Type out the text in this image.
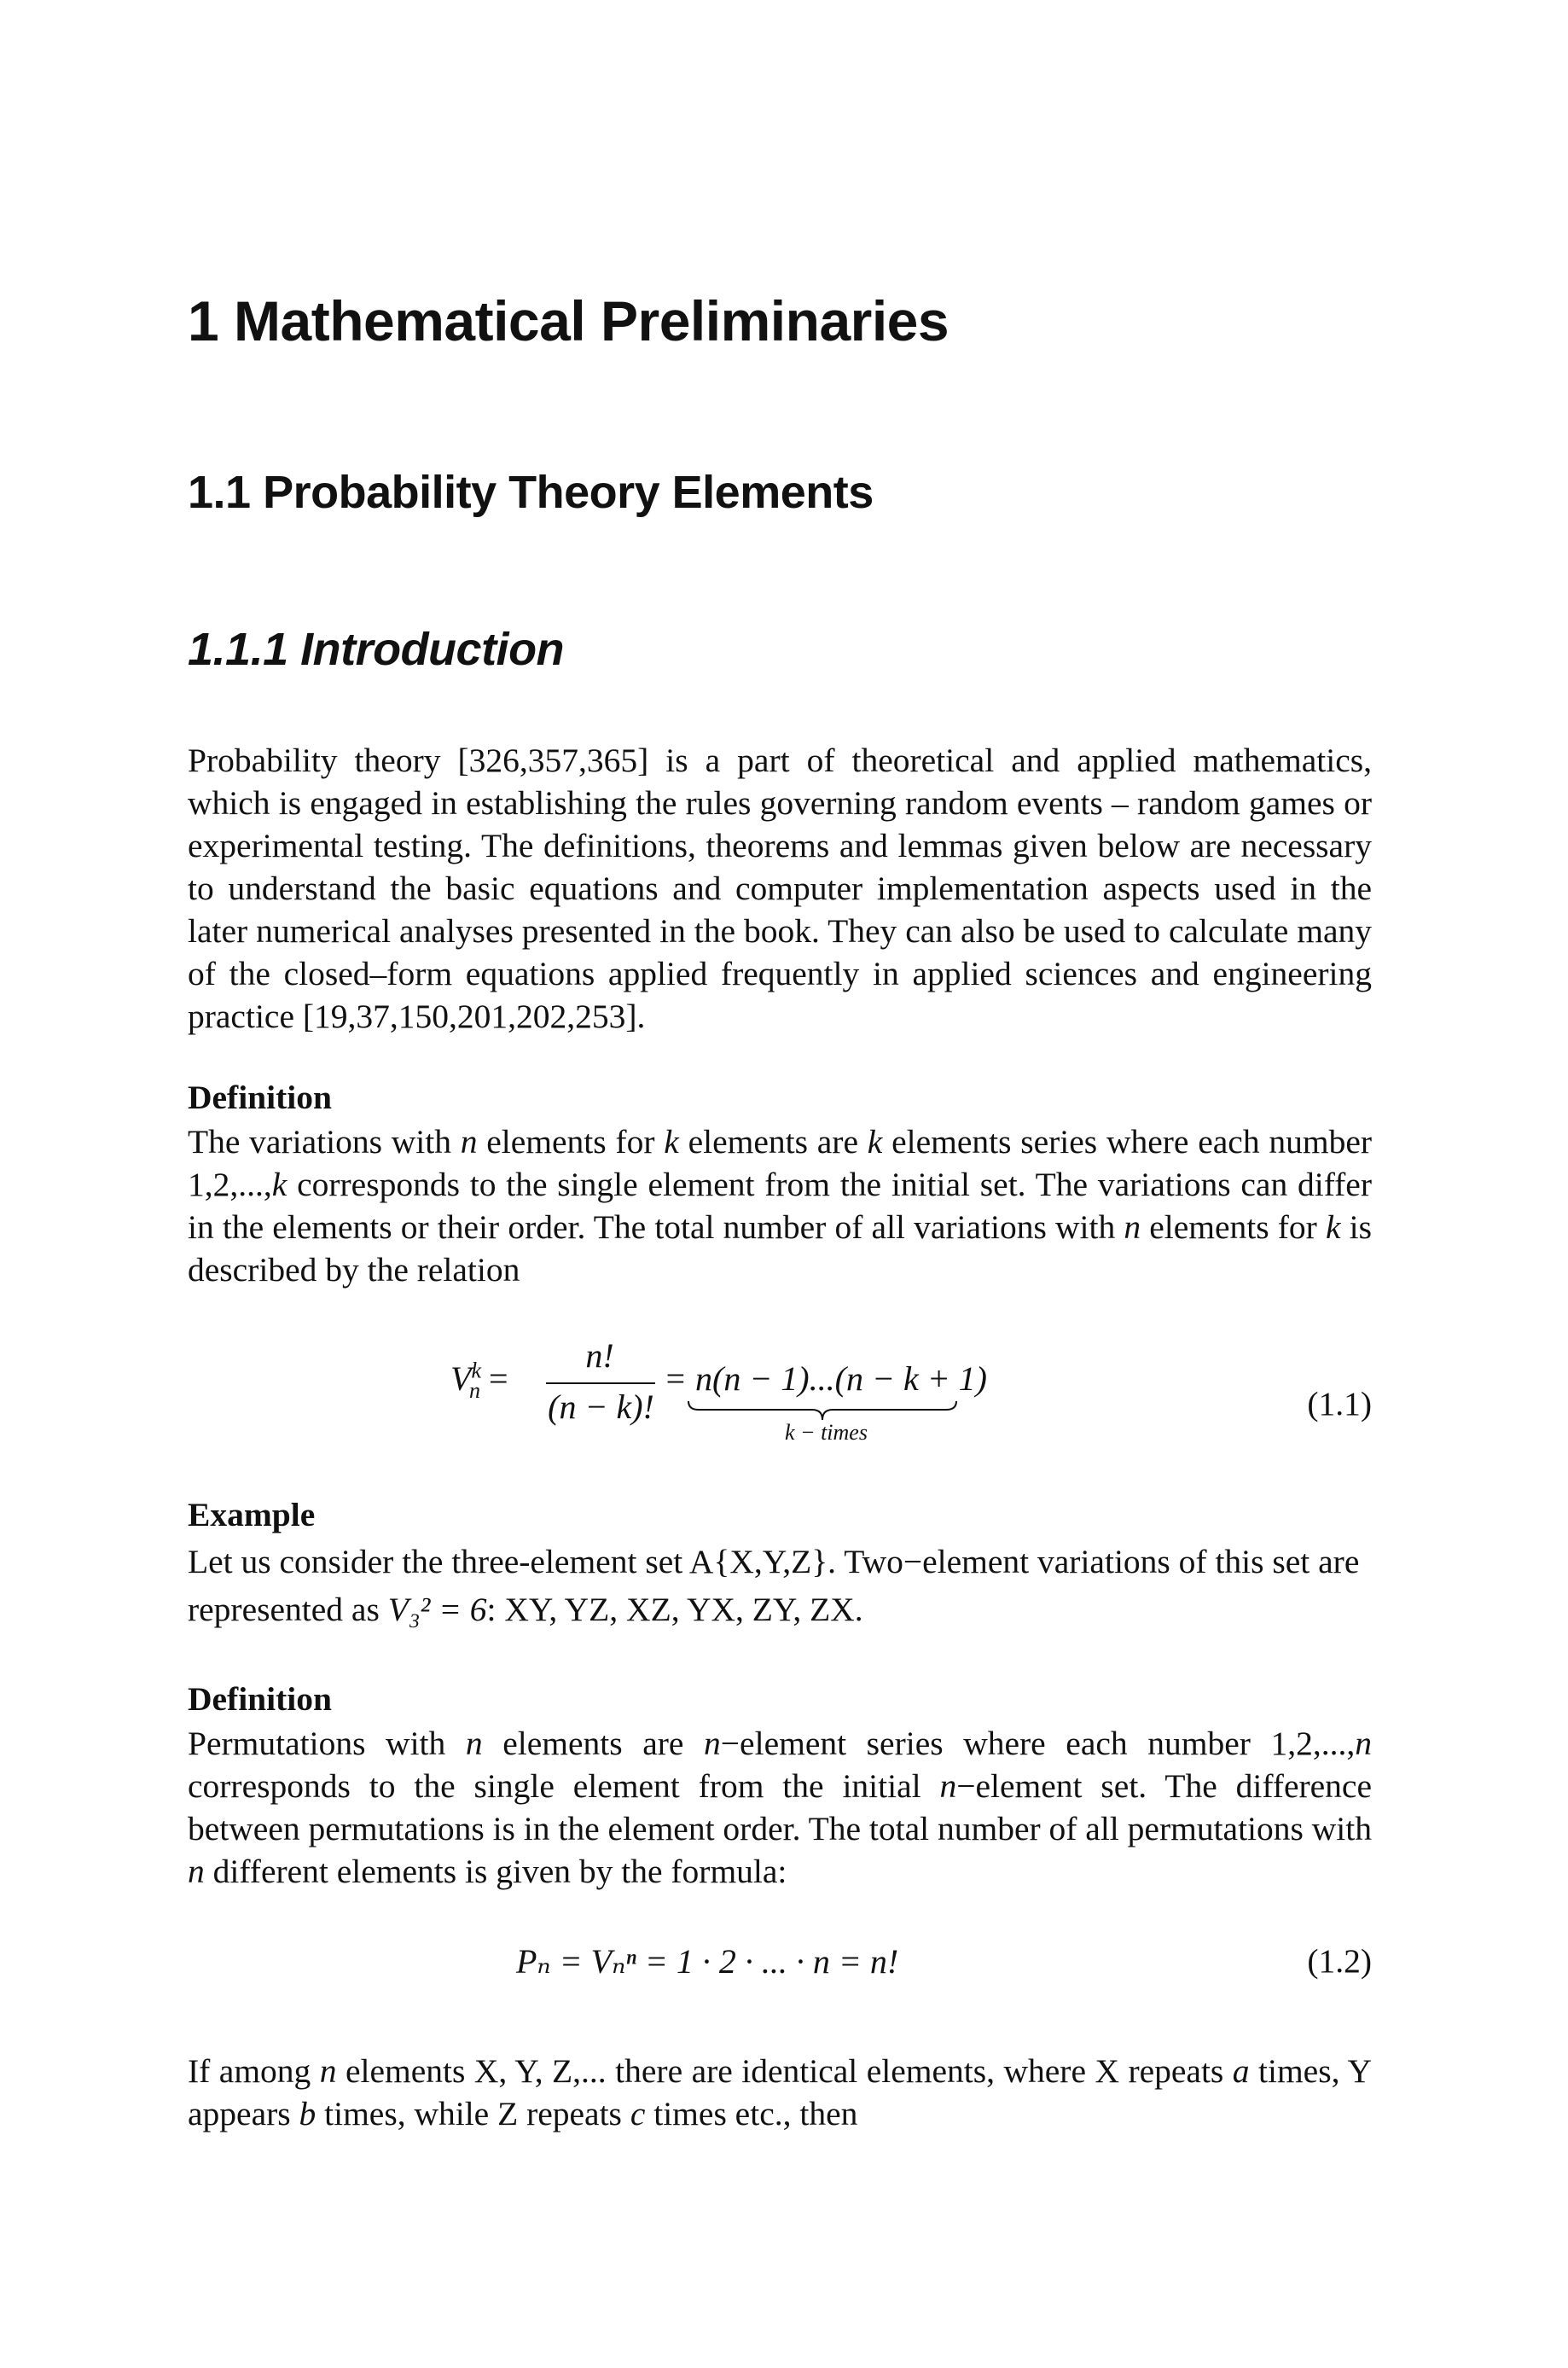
1 Mathematical Preliminaries
1.1 Probability Theory Elements
1.1.1 Introduction

Probability theory [326,357,365] is a part of theoretical and applied mathematics, which is engaged in establishing the rules governing random events – random games or experimental testing. The definitions, theorems and lemmas given below are necessary to understand the basic equations and computer implementation aspects used in the later numerical analyses presented in the book. They can also be used to calculate many of the closed–form equations applied frequently in applied sciences and engineering practice [19,37,150,201,202,253].

Definition

The variations with n elements for k elements are k elements series where each number 1,2,...,k corresponds to the single element from the initial set. The variations can differ in the elements or their order. The total number of all variations with n elements for k is described by the relation

$V^k_n$ =
n!
(n − k)!
= n(n − 1)...(n − k + 1)
k − times
(1.1)

Example

Let us consider the three-element set A{X,Y,Z}. Two−element variations of this set are represented as V₃² = 6: XY, YZ, XZ, YX, ZY, ZX.

Definition

Permutations with n elements are n−element series where each number 1,2,...,n corresponds to the single element from the initial n−element set. The difference between permutations is in the element order. The total number of all permutations with n different elements is given by the formula:

Pₙ = Vₙⁿ = 1 · 2 · ... · n = n!	(1.2)

If among n elements X, Y, Z,... there are identical elements, where X repeats a times, Y appears b times, while Z repeats c times etc., then
